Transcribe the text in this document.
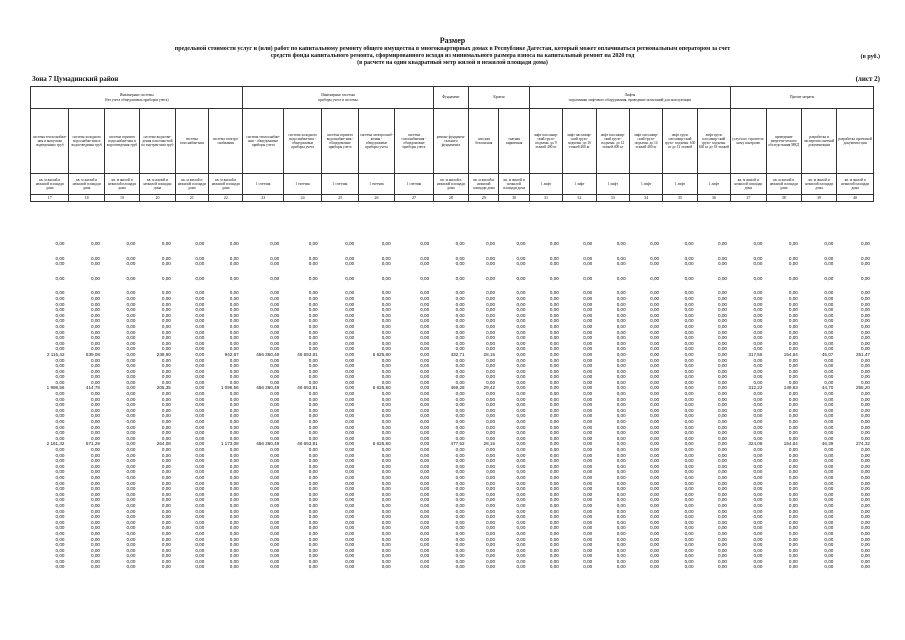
Размер
предельной стоимости услуг и (или) работ по капитальному ремонту общего имущества в многоквартирных домах в Республике Дагестан, который может оплачиваться региональным оператором за счет
средств фонда капитального ремонта, сформированного исходя из минимального размера взноса на капитальный ремонт на 2020 год
(в расчете на один квадратный метр жилой и нежилой площади дома)
(в руб.)
Зона 7 Цумадинский район	(лист 2)
Инженерные системы
(без учета общедомовых приборов учета)						Инженерные системы
приборы учета и системы					Фундамент	Кровля		Лифты
подъемники лифтового оборудования, проведение испытаний для эксплуатации						Прочие затраты			
система теплоснабже-ния и выпускам подведенных труб	система холодного водоснабже-ния и водоотведения труб	система горячего водоснабже-ния и водоотведения труб	система водоотве-дения пластико-вой по внутрен-ним труб	система газоснабже-ния	система электро-снабжения	система теплоснабже-ния - общедомовые приборы учета	система холодного водоснабже-ния - общедомовые приборы учета	система горячего водоснабже-ния - общедомовые приборы учета	система электроснаб-жения - общедомовые приборы учета	система газоснабжения - общедомовые приборы учета	ремонт фундамен-тального фундамента	плоская безопасная	скатная кирпичная	лифт пассажир-ский грузо- подъемн. до 9 этажей 400 кг	лифт пассажир-ский грузо- подъемн. до 16 этажей 400 кг	лифт пассажир-ский грузо- подъемн. до 12 этажей 400 кг	лифт пассажир-ский грузо- подъемн. до 14 этажей 400 кг	лифт грузо пассажир-ский грузо- подъемн. 630 кг до 12 этажей	лифт грузо пассажир-ский грузо- подъемн. 630 кг до 18 этажей	услуги по строитель-ному контролю	проведение энергети-ческого обследо-вания МКД	разработка и экспертиза сметной документации	разработка проектной документа-ции
кв. м жилой и нежилой площади дома	кв. м жилой и нежилой площади дома	кв. м жилой и нежилой площади дома	кв. м жилой и нежилой площади дома	кв. м жилой и нежилой площади дома	кв. м жилой и нежилой площади дома	1 счетчик	1 счетчик	1 счетчик	1 счетчик	1 счетчик	кв. м жилой и нежилой площади дома	кв. м жилой и нежилой площади дома	кв. м жилой и нежилой площади дома	1 лифт	1 лифт	1 лифт	1 лифт	1 лифт	1 лифт	кв. м жилой и нежилой площади дома	кв. м жилой и нежилой площади дома	кв. м жилой и нежилой площади дома	кв. м жилой и нежилой площади дома
17	18	19	20	21	22	23	24	25	26	27	28	29	30	31	32	33	34	35	36	37	38	39	40
0,00	0,00	0,00	0,00	0,00	0,00	0,00	0,00	0,00	0,00	0,00	0,00	0,00	0,00	0,00	0,00	0,00	0,00	0,00	0,00	0,00	0,00	0,00	0,00

0,00	0,00	0,00	0,00	0,00	0,00	0,00	0,00	0,00	0,00	0,00	0,00	0,00	0,00	0,00	0,00	0,00	0,00	0,00	0,00	0,00	0,00	0,00	0,00
0,00	0,00	0,00	0,00	0,00	0,00	0,00	0,00	0,00	0,00	0,00	0,00	0,00	0,00	0,00	0,00	0,00	0,00	0,00	0,00	0,00	0,00	0,00	0,00

0,00	0,00	0,00	0,00	0,00	0,00	0,00	0,00	0,00	0,00	0,00	0,00	0,00	0,00	0,00	0,00	0,00	0,00	0,00	0,00	0,00	0,00	0,00	0,00

0,00	0,00	0,00	0,00	0,00	0,00	0,00	0,00	0,00	0,00	0,00	0,00	0,00	0,00	0,00	0,00	0,00	0,00	0,00	0,00	0,00	0,00	0,00	0,00
0,00	0,00	0,00	0,00	0,00	0,00	0,00	0,00	0,00	0,00	0,00	0,00	0,00	0,00	0,00	0,00	0,00	0,00	0,00	0,00	0,00	0,00	0,00	0,00
0,00	0,00	0,00	0,00	0,00	0,00	0,00	0,00	0,00	0,00	0,00	0,00	0,00	0,00	0,00	0,00	0,00	0,00	0,00	0,00	0,00	0,00	0,00	0,00
0,00	0,00	0,00	0,00	0,00	0,00	0,00	0,00	0,00	0,00	0,00	0,00	0,00	0,00	0,00	0,00	0,00	0,00	0,00	0,00	0,00	0,00	0,00	0,00
0,00	0,00	0,00	0,00	0,00	0,00	0,00	0,00	0,00	0,00	0,00	0,00	0,00	0,00	0,00	0,00	0,00	0,00	0,00	0,00	0,00	0,00	0,00	0,00
0,00	0,00	0,00	0,00	0,00	0,00	0,00	0,00	0,00	0,00	0,00	0,00	0,00	0,00	0,00	0,00	0,00	0,00	0,00	0,00	0,00	0,00	0,00	0,00
0,00	0,00	0,00	0,00	0,00	0,00	0,00	0,00	0,00	0,00	0,00	0,00	0,00	0,00	0,00	0,00	0,00	0,00	0,00	0,00	0,00	0,00	0,00	0,00
0,00	0,00	0,00	0,00	0,00	0,00	0,00	0,00	0,00	0,00	0,00	0,00	0,00	0,00	0,00	0,00	0,00	0,00	0,00	0,00	0,00	0,00	0,00	0,00
0,00	0,00	0,00	0,00	0,00	0,00	0,00	0,00	0,00	0,00	0,00	0,00	0,00	0,00	0,00	0,00	0,00	0,00	0,00	0,00	0,00	0,00	0,00	0,00
0,00	0,00	0,00	0,00	0,00	0,00	0,00	0,00	0,00	0,00	0,00	0,00	0,00	0,00	0,00	0,00	0,00	0,00	0,00	0,00	0,00	0,00	0,00	0,00
0,00	0,00	0,00	0,00	0,00	0,00	0,00	0,00	0,00	0,00	0,00	0,00	0,00	0,00	0,00	0,00	0,00	0,00	0,00	0,00	0,00	0,00	0,00	0,00
2 115,42	539,08	0,00	238,90	0,00	942,67	456 360,49	46 653,81	0,00	6 625,80	0,00	432,71	28,15	0,00	0,00	0,00	0,00	0,00	0,00	0,00	317,56	154,64	45,07	251,47
0,00	0,00	0,00	0,00	0,00	0,00	0,00	0,00	0,00	0,00	0,00	0,00	0,00	0,00	0,00	0,00	0,00	0,00	0,00	0,00	0,00	0,00	0,00	0,00
0,00	0,00	0,00	0,00	0,00	0,00	0,00	0,00	0,00	0,00	0,00	0,00	0,00	0,00	0,00	0,00	0,00	0,00	0,00	0,00	0,00	0,00	0,00	0,00
0,00	0,00	0,00	0,00	0,00	0,00	0,00	0,00	0,00	0,00	0,00	0,00	0,00	0,00	0,00	0,00	0,00	0,00	0,00	0,00	0,00	0,00	0,00	0,00
0,00	0,00	0,00	0,00	0,00	0,00	0,00	0,00	0,00	0,00	0,00	0,00	0,00	0,00	0,00	0,00	0,00	0,00	0,00	0,00	0,00	0,00	0,00	0,00
0,00	0,00	0,00	0,00	0,00	0,00	0,00	0,00	0,00	0,00	0,00	0,00	0,00	0,00	0,00	0,00	0,00	0,00	0,00	0,00	0,00	0,00	0,00	0,00
1 998,56	414,78	0,00	205,35	0,00	1 096,56	456 360,49	46 653,81	0,00	6 625,80	0,00	469,28	29,42	0,00	0,00	0,00	0,00	0,00	0,00	0,00	312,22	149,63	44,70	255,20
0,00	0,00	0,00	0,00	0,00	0,00	0,00	0,00	0,00	0,00	0,00	0,00	0,00	0,00	0,00	0,00	0,00	0,00	0,00	0,00	0,00	0,00	0,00	0,00
0,00	0,00	0,00	0,00	0,00	0,00	0,00	0,00	0,00	0,00	0,00	0,00	0,00	0,00	0,00	0,00	0,00	0,00	0,00	0,00	0,00	0,00	0,00	0,00
0,00	0,00	0,00	0,00	0,00	0,00	0,00	0,00	0,00	0,00	0,00	0,00	0,00	0,00	0,00	0,00	0,00	0,00	0,00	0,00	0,00	0,00	0,00	0,00
0,00	0,00	0,00	0,00	0,00	0,00	0,00	0,00	0,00	0,00	0,00	0,00	0,00	0,00	0,00	0,00	0,00	0,00	0,00	0,00	0,00	0,00	0,00	0,00
0,00	0,00	0,00	0,00	0,00	0,00	0,00	0,00	0,00	0,00	0,00	0,00	0,00	0,00	0,00	0,00	0,00	0,00	0,00	0,00	0,00	0,00	0,00	0,00
0,00	0,00	0,00	0,00	0,00	0,00	0,00	0,00	0,00	0,00	0,00	0,00	0,00	0,00	0,00	0,00	0,00	0,00	0,00	0,00	0,00	0,00	0,00	0,00
0,00	0,00	0,00	0,00	0,00	0,00	0,00	0,00	0,00	0,00	0,00	0,00	0,00	0,00	0,00	0,00	0,00	0,00	0,00	0,00	0,00	0,00	0,00	0,00
0,00	0,00	0,00	0,00	0,00	0,00	0,00	0,00	0,00	0,00	0,00	0,00	0,00	0,00	0,00	0,00	0,00	0,00	0,00	0,00	0,00	0,00	0,00	0,00
0,00	0,00	0,00	0,00	0,00	0,00	0,00	0,00	0,00	0,00	0,00	0,00	0,00	0,00	0,00	0,00	0,00	0,00	0,00	0,00	0,00	0,00	0,00	0,00
2 161,32	571,29	0,00	264,08	0,00	1 173,08	456 360,49	46 653,81	0,00	6 625,80	0,00	477,52	28,15	0,00	0,00	0,00	0,00	0,00	0,00	0,00	324,08	154,64	46,39	274,32
0,00	0,00	0,00	0,00	0,00	0,00	0,00	0,00	0,00	0,00	0,00	0,00	0,00	0,00	0,00	0,00	0,00	0,00	0,00	0,00	0,00	0,00	0,00	0,00
0,00	0,00	0,00	0,00	0,00	0,00	0,00	0,00	0,00	0,00	0,00	0,00	0,00	0,00	0,00	0,00	0,00	0,00	0,00	0,00	0,00	0,00	0,00	0,00
0,00	0,00	0,00	0,00	0,00	0,00	0,00	0,00	0,00	0,00	0,00	0,00	0,00	0,00	0,00	0,00	0,00	0,00	0,00	0,00	0,00	0,00	0,00	0,00
0,00	0,00	0,00	0,00	0,00	0,00	0,00	0,00	0,00	0,00	0,00	0,00	0,00	0,00	0,00	0,00	0,00	0,00	0,00	0,00	0,00	0,00	0,00	0,00
0,00	0,00	0,00	0,00	0,00	0,00	0,00	0,00	0,00	0,00	0,00	0,00	0,00	0,00	0,00	0,00	0,00	0,00	0,00	0,00	0,00	0,00	0,00	0,00
0,00	0,00	0,00	0,00	0,00	0,00	0,00	0,00	0,00	0,00	0,00	0,00	0,00	0,00	0,00	0,00	0,00	0,00	0,00	0,00	0,00	0,00	0,00	0,00
0,00	0,00	0,00	0,00	0,00	0,00	0,00	0,00	0,00	0,00	0,00	0,00	0,00	0,00	0,00	0,00	0,00	0,00	0,00	0,00	0,00	0,00	0,00	0,00
0,00	0,00	0,00	0,00	0,00	0,00	0,00	0,00	0,00	0,00	0,00	0,00	0,00	0,00	0,00	0,00	0,00	0,00	0,00	0,00	0,00	0,00	0,00	0,00
0,00	0,00	0,00	0,00	0,00	0,00	0,00	0,00	0,00	0,00	0,00	0,00	0,00	0,00	0,00	0,00	0,00	0,00	0,00	0,00	0,00	0,00	0,00	0,00
0,00	0,00	0,00	0,00	0,00	0,00	0,00	0,00	0,00	0,00	0,00	0,00	0,00	0,00	0,00	0,00	0,00	0,00	0,00	0,00	0,00	0,00	0,00	0,00
0,00	0,00	0,00	0,00	0,00	0,00	0,00	0,00	0,00	0,00	0,00	0,00	0,00	0,00	0,00	0,00	0,00	0,00	0,00	0,00	0,00	0,00	0,00	0,00
0,00	0,00	0,00	0,00	0,00	0,00	0,00	0,00	0,00	0,00	0,00	0,00	0,00	0,00	0,00	0,00	0,00	0,00	0,00	0,00	0,00	0,00	0,00	0,00
0,00	0,00	0,00	0,00	0,00	0,00	0,00	0,00	0,00	0,00	0,00	0,00	0,00	0,00	0,00	0,00	0,00	0,00	0,00	0,00	0,00	0,00	0,00	0,00
0,00	0,00	0,00	0,00	0,00	0,00	0,00	0,00	0,00	0,00	0,00	0,00	0,00	0,00	0,00	0,00	0,00	0,00	0,00	0,00	0,00	0,00	0,00	0,00
0,00	0,00	0,00	0,00	0,00	0,00	0,00	0,00	0,00	0,00	0,00	0,00	0,00	0,00	0,00	0,00	0,00	0,00	0,00	0,00	0,00	0,00	0,00	0,00
0,00	0,00	0,00	0,00	0,00	0,00	0,00	0,00	0,00	0,00	0,00	0,00	0,00	0,00	0,00	0,00	0,00	0,00	0,00	0,00	0,00	0,00	0,00	0,00
0,00	0,00	0,00	0,00	0,00	0,00	0,00	0,00	0,00	0,00	0,00	0,00	0,00	0,00	0,00	0,00	0,00	0,00	0,00	0,00	0,00	0,00	0,00	0,00
0,00	0,00	0,00	0,00	0,00	0,00	0,00	0,00	0,00	0,00	0,00	0,00	0,00	0,00	0,00	0,00	0,00	0,00	0,00	0,00	0,00	0,00	0,00	0,00
0,00	0,00	0,00	0,00	0,00	0,00	0,00	0,00	0,00	0,00	0,00	0,00	0,00	0,00	0,00	0,00	0,00	0,00	0,00	0,00	0,00	0,00	0,00	0,00
0,00	0,00	0,00	0,00	0,00	0,00	0,00	0,00	0,00	0,00	0,00	0,00	0,00	0,00	0,00	0,00	0,00	0,00	0,00	0,00	0,00	0,00	0,00	0,00
0,00	0,00	0,00	0,00	0,00	0,00	0,00	0,00	0,00	0,00	0,00	0,00	0,00	0,00	0,00	0,00	0,00	0,00	0,00	0,00	0,00	0,00	0,00	0,00
0,00	0,00	0,00	0,00	0,00	0,00	0,00	0,00	0,00	0,00	0,00	0,00	0,00	0,00	0,00	0,00	0,00	0,00	0,00	0,00	0,00	0,00	0,00	0,00
